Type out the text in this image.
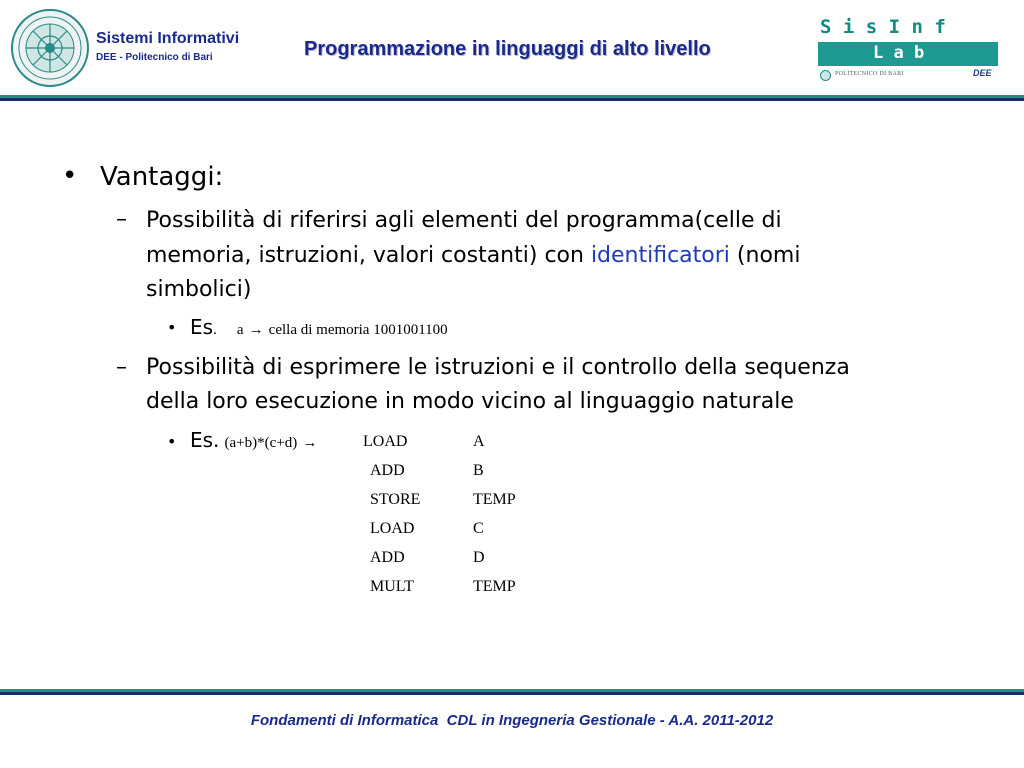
Sistemi Informativi
DEE - Politecnico di Bari	Programmazione in linguaggi di alto livello
S i s I n f
L a b
POLITECNICO DI BARI	DEE
• Vantaggi:
– Possibilità di riferirsi agli elementi del programma(celle di
memoria, istruzioni, valori costanti) con identificatori (nomi
simbolici)
• Es. a → cella di memoria 1001001100
– Possibilità di esprimere le istruzioni e il controllo della sequenza
della loro esecuzione in modo vicino al linguaggio naturale
• Es. (a+b)*(c+d) →	LOAD	A
ADD	B
STORE	TEMP
LOAD	C
ADD	D
MULT	TEMP
Fondamenti di Informatica  CDL in Ingegneria Gestionale - A.A. 2011-2012
